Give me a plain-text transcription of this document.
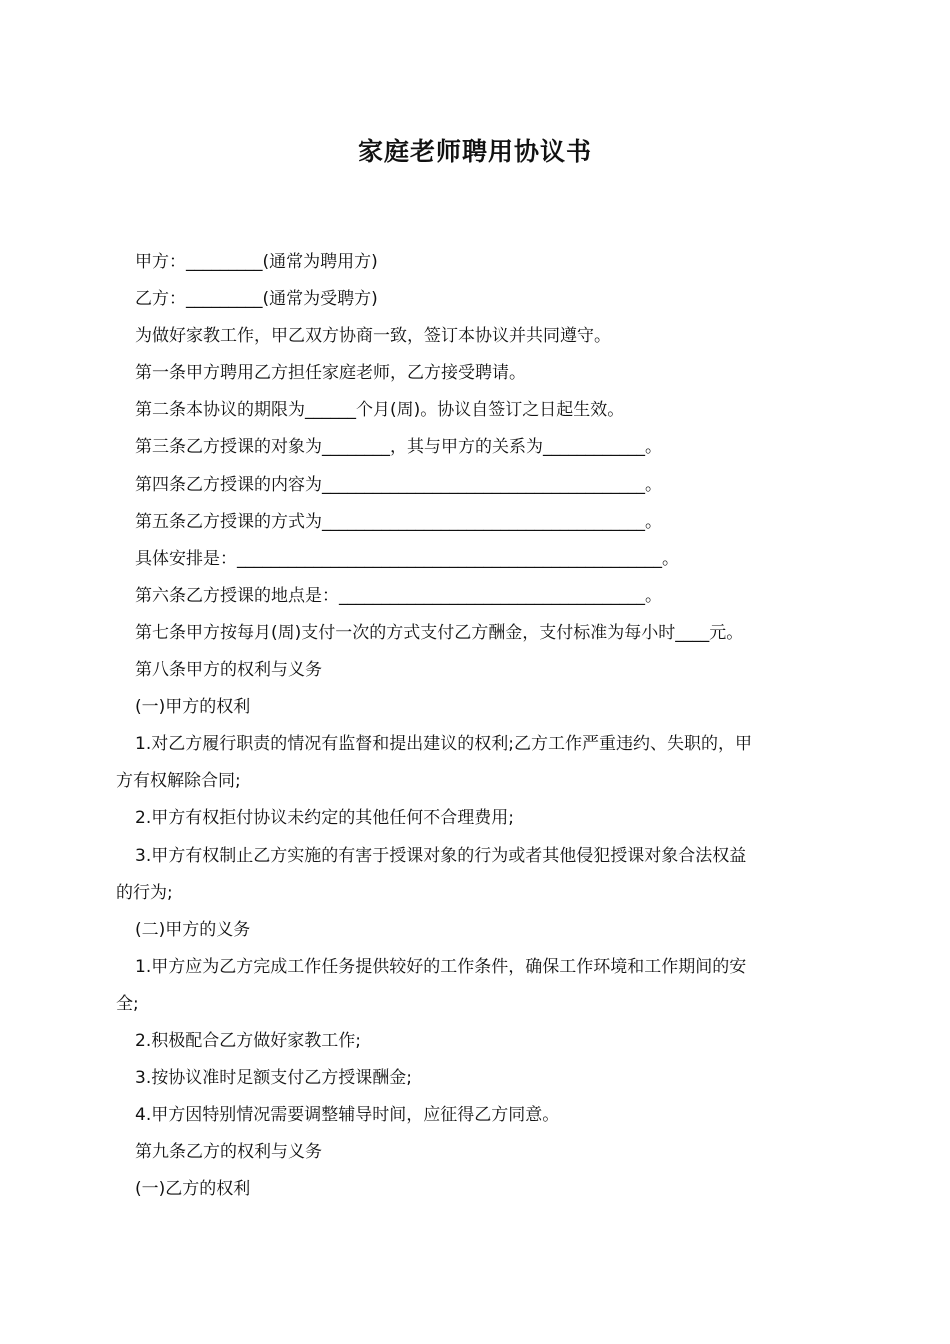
家庭老师聘用协议书

甲方：_________(通常为聘用方)

乙方：_________(通常为受聘方)

为做好家教工作，甲乙双方协商一致，签订本协议并共同遵守。

第一条甲方聘用乙方担任家庭老师，乙方接受聘请。

第二条本协议的期限为______个月(周)。协议自签订之日起生效。

第三条乙方授课的对象为________，其与甲方的关系为____________。

第四条乙方授课的内容为______________________________________。

第五条乙方授课的方式为______________________________________。

具体安排是：__________________________________________________。

第六条乙方授课的地点是：____________________________________。

第七条甲方按每月(周)支付一次的方式支付乙方酬金，支付标准为每小时____元。

第八条甲方的权利与义务

(一)甲方的权利

1.对乙方履行职责的情况有监督和提出建议的权利;乙方工作严重违约、失职的，甲

方有权解除合同;

2.甲方有权拒付协议未约定的其他任何不合理费用;

3.甲方有权制止乙方实施的有害于授课对象的行为或者其他侵犯授课对象合法权益

的行为;

(二)甲方的义务

1.甲方应为乙方完成工作任务提供较好的工作条件，确保工作环境和工作期间的安

全;

2.积极配合乙方做好家教工作;

3.按协议准时足额支付乙方授课酬金;

4.甲方因特别情况需要调整辅导时间，应征得乙方同意。

第九条乙方的权利与义务

(一)乙方的权利
